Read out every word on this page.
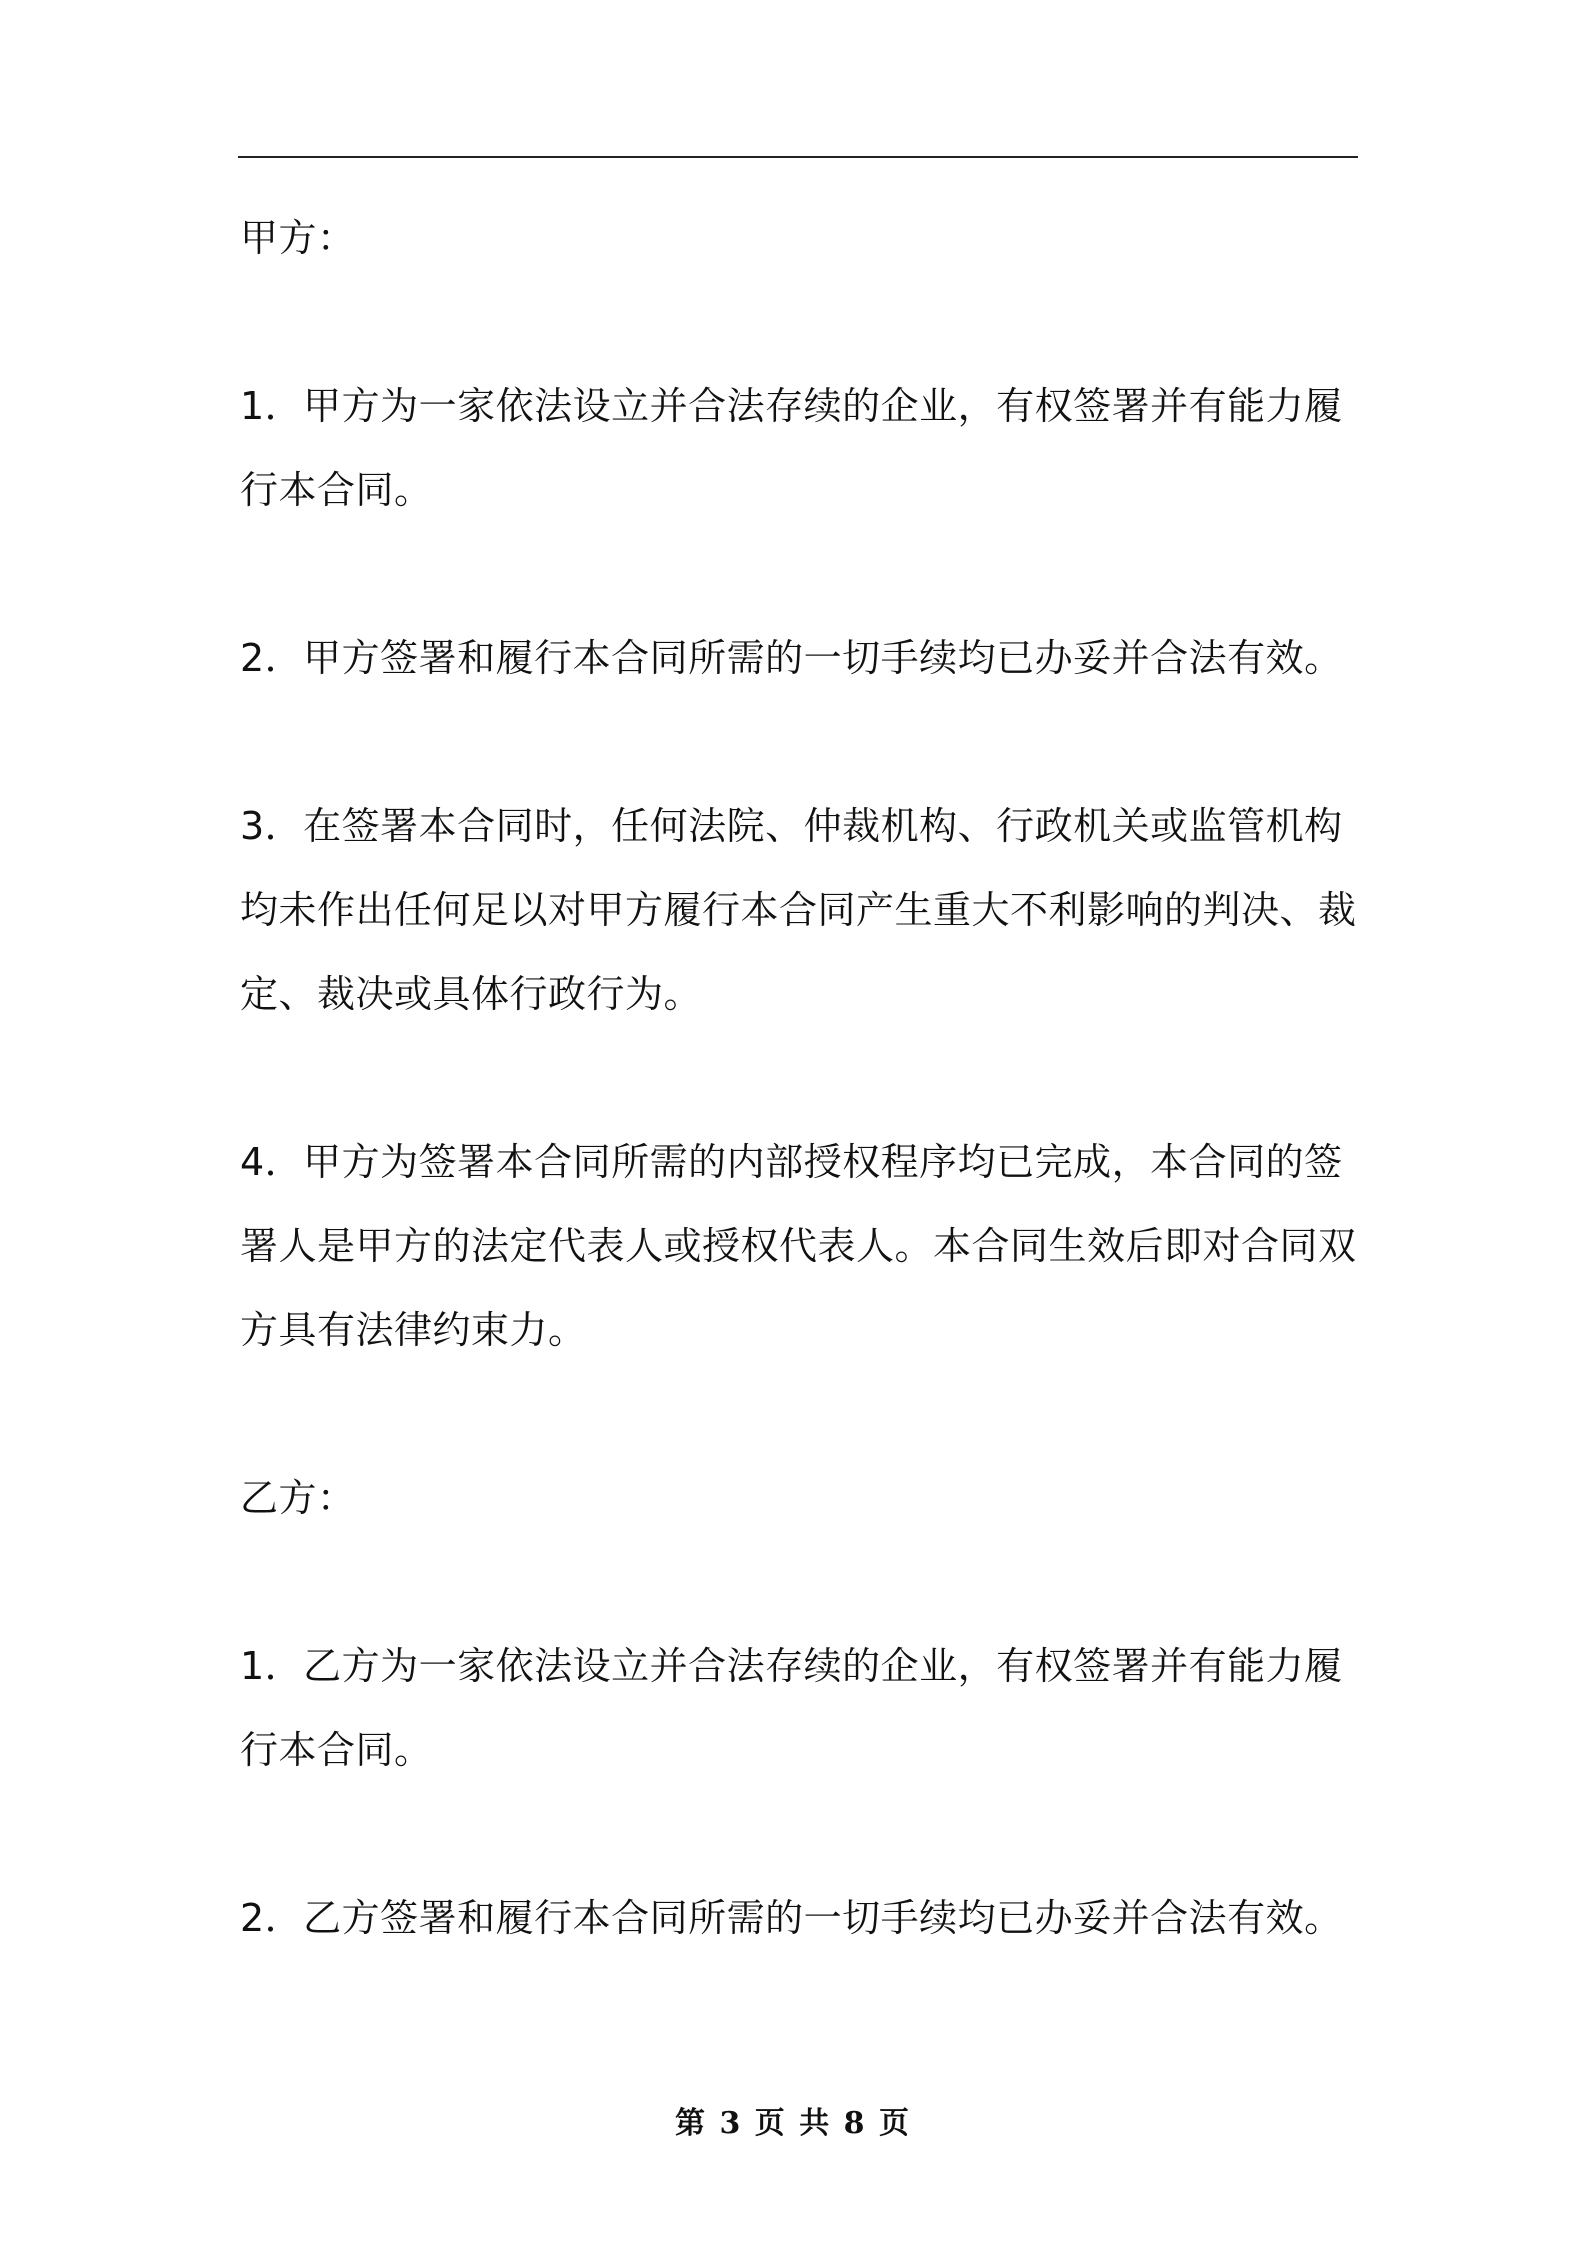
甲方：

1．甲方为一家依法设立并合法存续的企业，有权签署并有能力履行本合同。

2．甲方签署和履行本合同所需的一切手续均已办妥并合法有效。

3．在签署本合同时，任何法院、仲裁机构、行政机关或监管机构均未作出任何足以对甲方履行本合同产生重大不利影响的判决、裁定、裁决或具体行政行为。

4．甲方为签署本合同所需的内部授权程序均已完成，本合同的签署人是甲方的法定代表人或授权代表人。本合同生效后即对合同双方具有法律约束力。

乙方：

1．乙方为一家依法设立并合法存续的企业，有权签署并有能力履行本合同。

2．乙方签署和履行本合同所需的一切手续均已办妥并合法有效。

第 3 页 共 8 页
